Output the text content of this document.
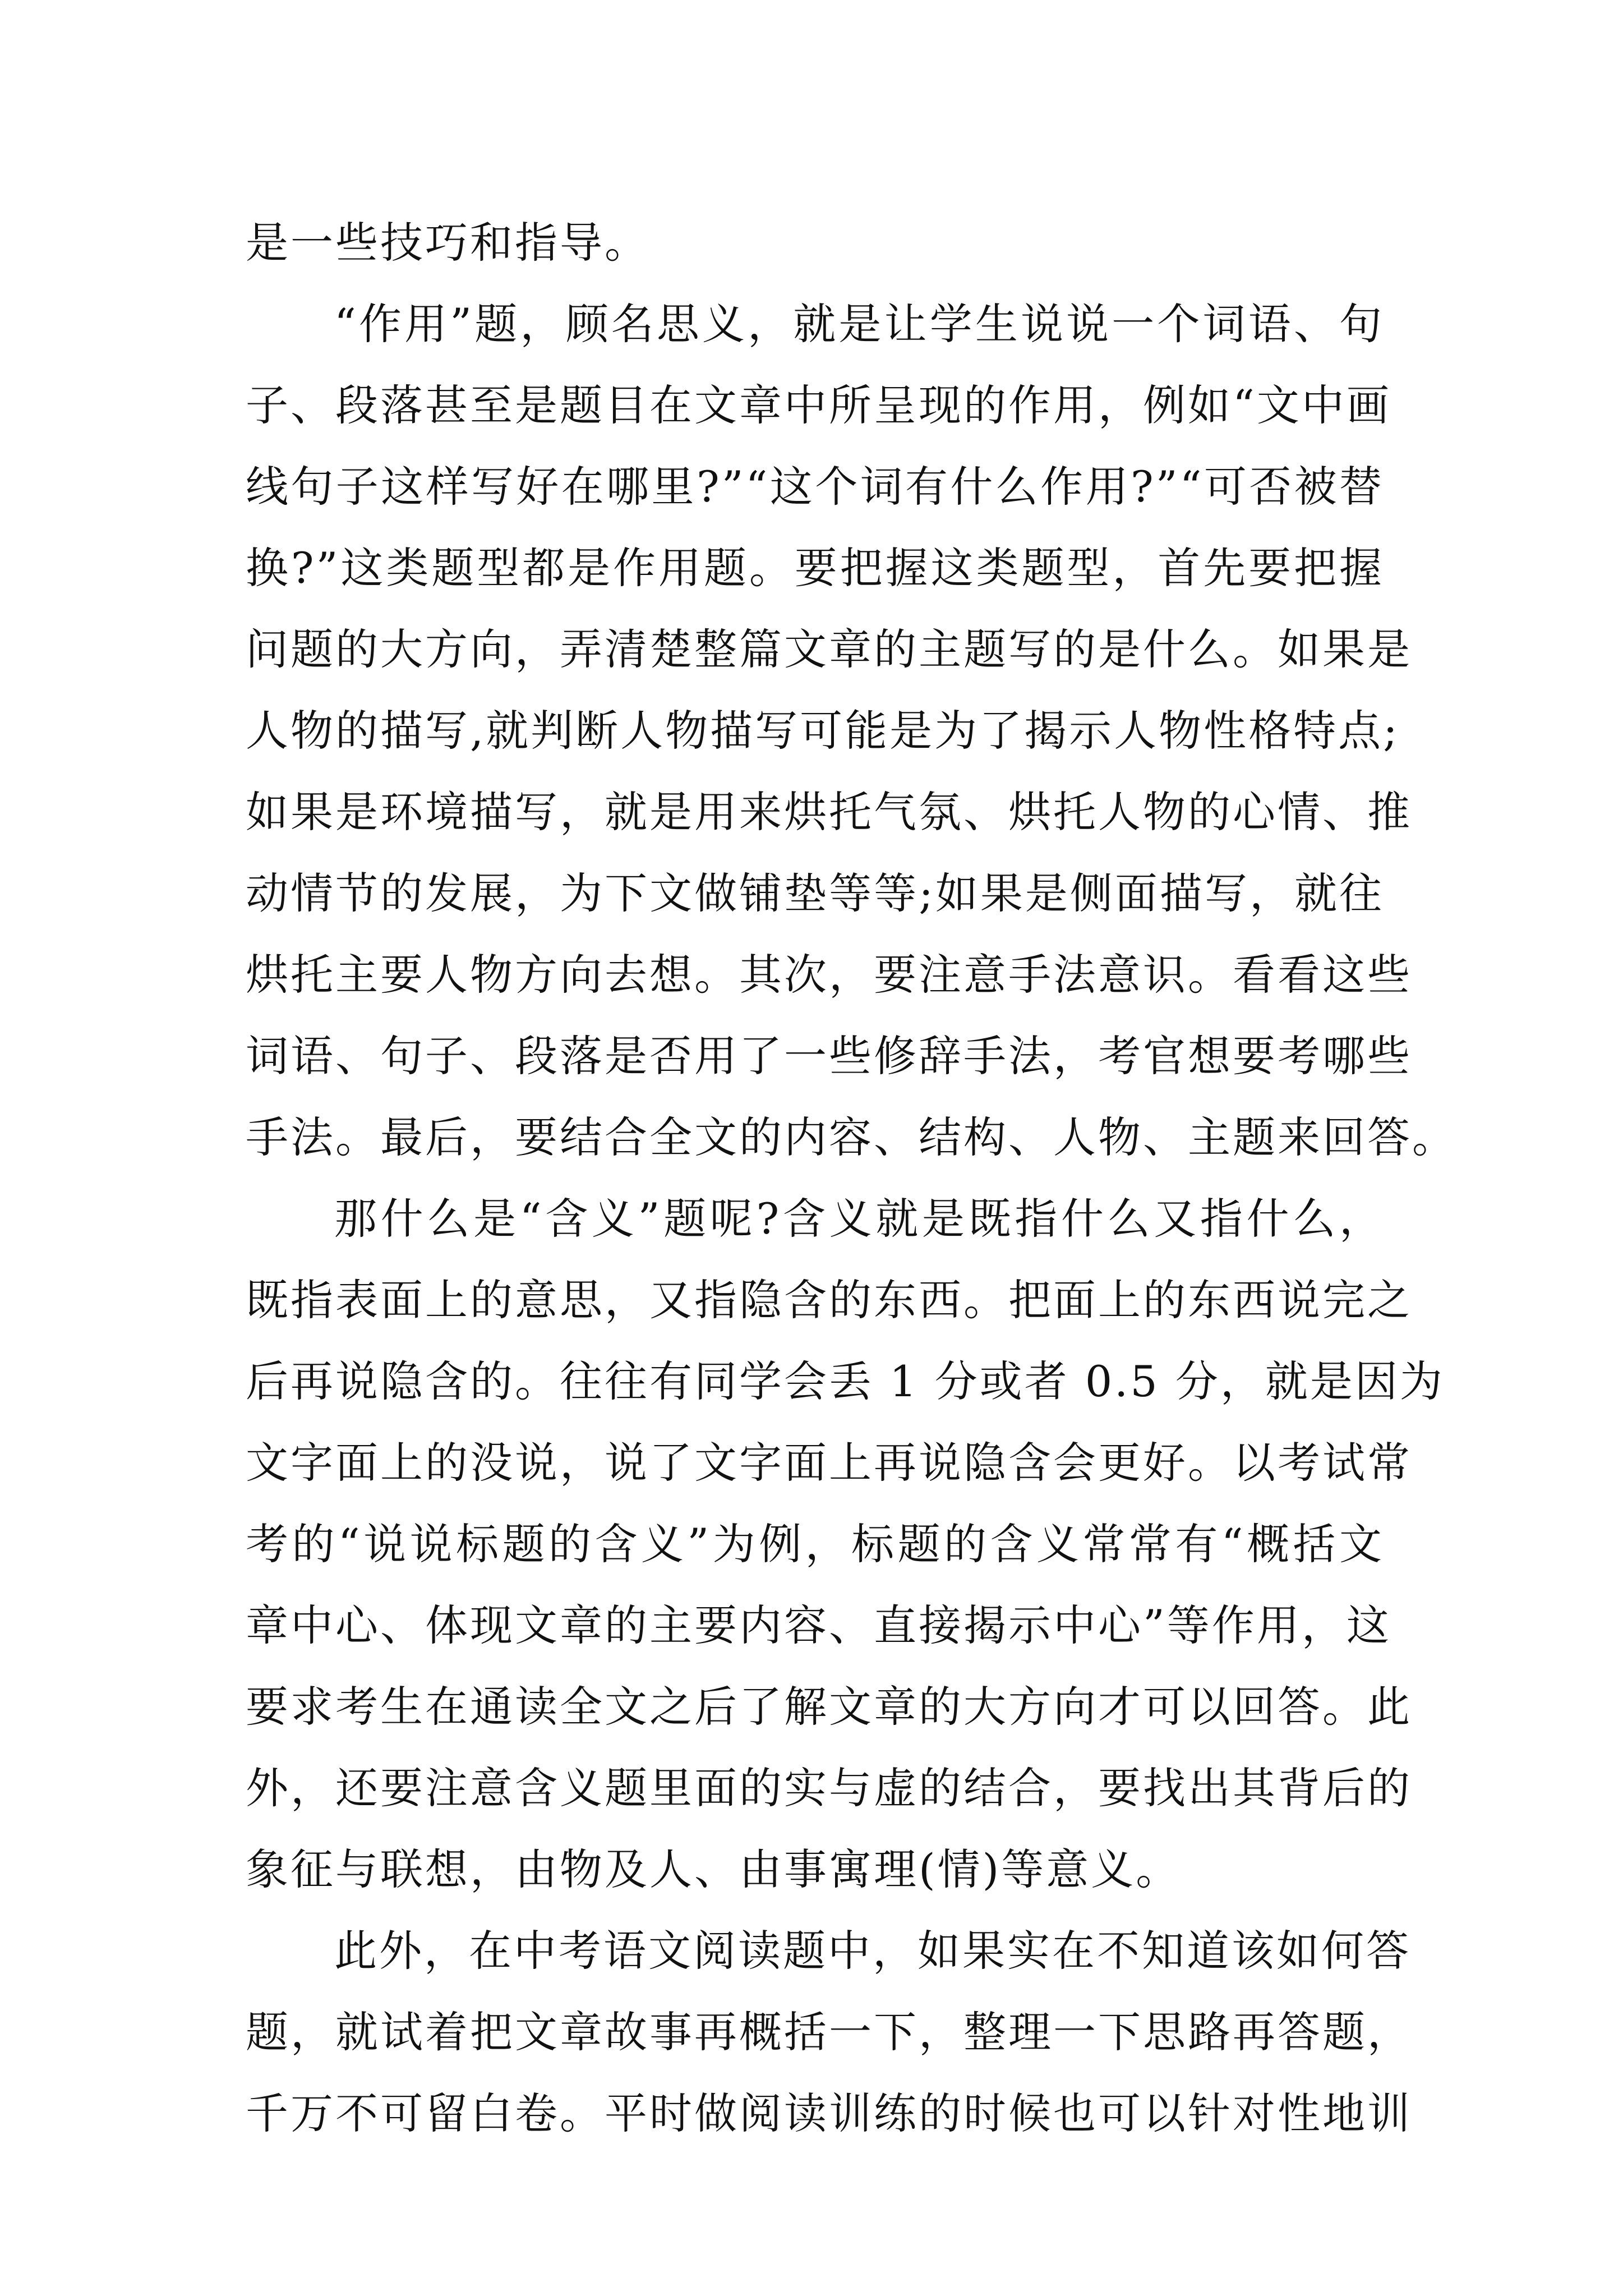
是一些技巧和指导。
“作用”题，顾名思义，就是让学生说说一个词语、句
子、段落甚至是题目在文章中所呈现的作用，例如“文中画
线句子这样写好在哪里?”“这个词有什么作用?”“可否被替
换?”这类题型都是作用题。要把握这类题型，首先要把握
问题的大方向，弄清楚整篇文章的主题写的是什么。如果是
人物的描写,就判断人物描写可能是为了揭示人物性格特点;
如果是环境描写，就是用来烘托气氛、烘托人物的心情、推
动情节的发展，为下文做铺垫等等;如果是侧面描写，就往
烘托主要人物方向去想。其次，要注意手法意识。看看这些
词语、句子、段落是否用了一些修辞手法，考官想要考哪些
手法。最后，要结合全文的内容、结构、人物、主题来回答。
那什么是“含义”题呢?含义就是既指什么又指什么，
既指表面上的意思，又指隐含的东西。把面上的东西说完之
后再说隐含的。往往有同学会丢 1 分或者 0.5 分，就是因为
文字面上的没说，说了文字面上再说隐含会更好。以考试常
考的“说说标题的含义”为例，标题的含义常常有“概括文
章中心、体现文章的主要内容、直接揭示中心”等作用，这
要求考生在通读全文之后了解文章的大方向才可以回答。此
外，还要注意含义题里面的实与虚的结合，要找出其背后的
象征与联想，由物及人、由事寓理(情)等意义。
此外，在中考语文阅读题中，如果实在不知道该如何答
题，就试着把文章故事再概括一下，整理一下思路再答题，
千万不可留白卷。平时做阅读训练的时候也可以针对性地训
